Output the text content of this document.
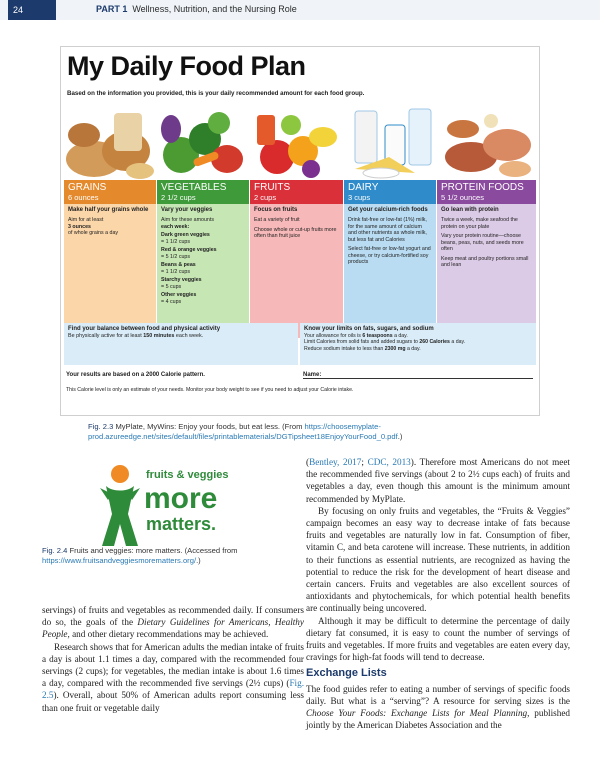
24	PART 1 Wellness, Nutrition, and the Nursing Role
My Daily Food Plan
Based on the information you provided, this is your daily recommended amount for each food group.
GRAINS
6 ounces
Make half your grains whole
Aim for at least
3 ounces
of whole grains a day
VEGETABLES
2 1/2 cups
Vary your veggies
Aim for these amounts
each week:
Dark green veggies
= 1 1/2 cups
Red & orange veggies
= 5 1/2 cups
Beans & peas
= 1 1/2 cups
Starchy veggies
= 5 cups
Other veggies
= 4 cups
FRUITS
2 cups
Focus on fruits
Eat a variety of fruit
Choose whole or cut-up fruits more often than fruit juice
DAIRY
3 cups
Get your calcium-rich foods
Drink fat-free or low-fat (1%) milk, for the same amount of calcium and other nutrients as whole milk, but less fat and Calories
Select fat-free or low-fat yogurt and cheese, or try calcium-fortified soy products
PROTEIN FOODS
5 1/2 ounces
Go lean with protein
Twice a week, make seafood the protein on your plate
Vary your protein routine—choose beans, peas, nuts, and seeds more often
Keep meat and poultry portions small and lean
Find your balance between food and physical activity
Be physically active for at least 150 minutes each week.
Know your limits on fats, sugars, and sodium
Your allowance for oils is 6 teaspoons a day.
Limit Calories from solid fats and added sugars to 260 Calories a day.
Reduce sodium intake to less than 2300 mg a day.
Your results are based on a 2000 Calorie pattern.	Name:
This Calorie level is only an estimate of your needs. Monitor your body weight to see if you need to adjust your Calorie intake.
Fig. 2.3 MyPlate, MyWins: Enjoy your foods, but eat less. (From https://choosemyplate-prod.azureedge.net/sites/default/files/printablematerials/DGTipsheet18EnjoyYourFood_0.pdf.)
fruits & veggies
more
matters.
Fig. 2.4 Fruits and veggies: more matters. (Accessed from https://www.fruitsandveggiesmorematters.org/.)

servings) of fruits and vegetables as recommended daily. If consumers do so, the goals of the Dietary Guidelines for Americans, Healthy People, and other dietary recommendations may be achieved.

Research shows that for American adults the median intake of fruits a day is about 1.1 times a day, compared with the recommended four servings (2 cups); for vegetables, the median intake is about 1.6 times a day, compared with the recommended five servings (2½ cups) (Fig. 2.5). Overall, about 50% of American adults report consuming less than one fruit or vegetable daily

(Bentley, 2017; CDC, 2013). Therefore most Americans do not meet the recommended five servings (about 2 to 2½ cups each) of fruits and vegetables a day, even though this amount is the minimum amount recommended by MyPlate.

By focusing on only fruits and vegetables, the “Fruits & Veggies” campaign becomes an easy way to decrease intake of fats because fruits and vegetables are naturally low in fat. Consumption of fiber, vitamin C, and beta carotene will increase. These nutrients, in addition to their functions as essential nutrients, are recognized as having the potential to reduce the risk for the development of heart disease and certain cancers. Fruits and vegetables are also excellent sources of antioxidants and phytochemicals, for which potential health benefits are continually being uncovered.

Although it may be difficult to determine the percentage of daily dietary fat consumed, it is easy to count the number of servings of fruits and vegetables. If more fruits and vegetables are eaten every day, cravings for high-fat foods will tend to decrease.

Exchange Lists

The food guides refer to eating a number of servings of specific foods daily. But what is a “serving”? A resource for serving sizes is the Choose Your Foods: Exchange Lists for Meal Planning, published jointly by the American Diabetes Association and the
